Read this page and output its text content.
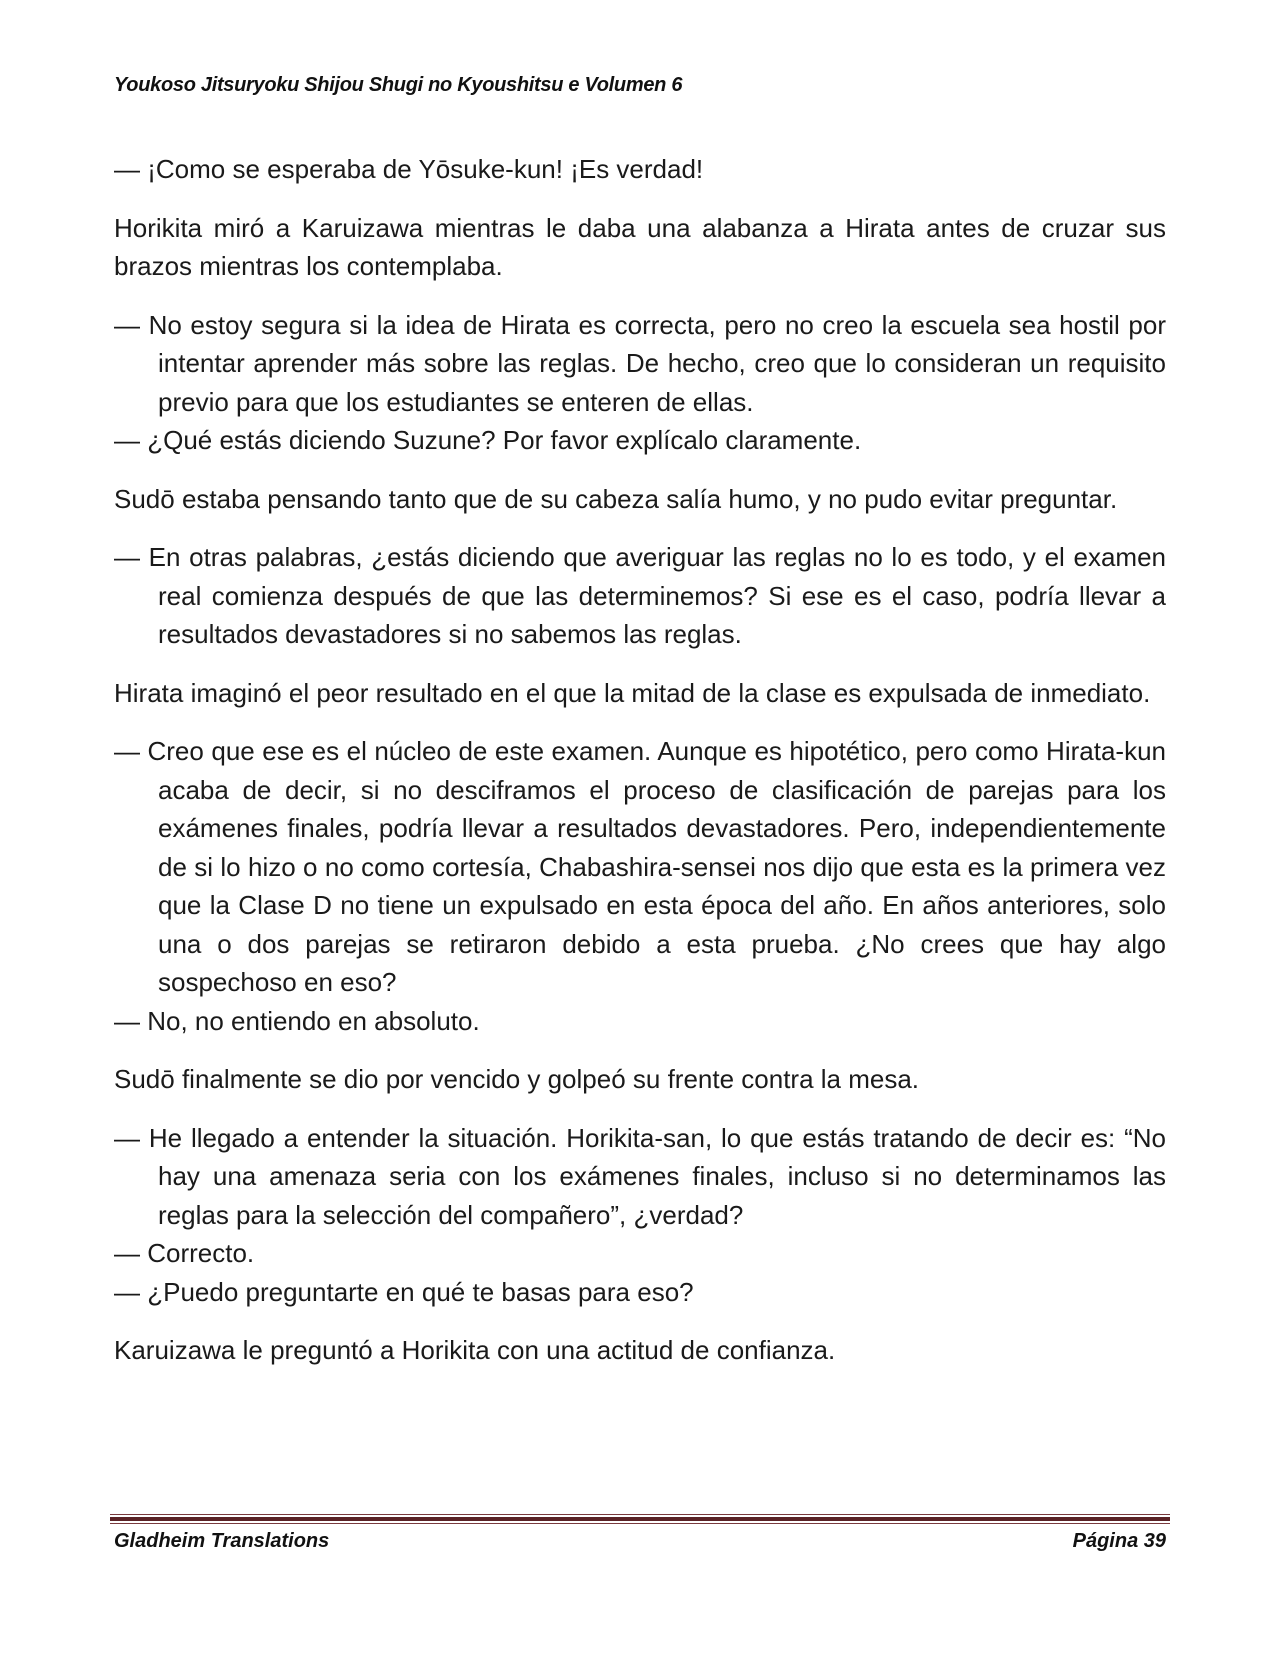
Youkoso Jitsuryoku Shijou Shugi no Kyoushitsu e Volumen 6

— ¡Como se esperaba de Yōsuke-kun! ¡Es verdad!

Horikita miró a Karuizawa mientras le daba una alabanza a Hirata antes de cruzar sus brazos mientras los contemplaba.

— No estoy segura si la idea de Hirata es correcta, pero no creo la escuela sea hostil por intentar aprender más sobre las reglas. De hecho, creo que lo consideran un requisito previo para que los estudiantes se enteren de ellas.

— ¿Qué estás diciendo Suzune? Por favor explícalo claramente.

Sudō estaba pensando tanto que de su cabeza salía humo, y no pudo evitar preguntar.

— En otras palabras, ¿estás diciendo que averiguar las reglas no lo es todo, y el examen real comienza después de que las determinemos? Si ese es el caso, podría llevar a resultados devastadores si no sabemos las reglas.

Hirata imaginó el peor resultado en el que la mitad de la clase es expulsada de inmediato.

— Creo que ese es el núcleo de este examen. Aunque es hipotético, pero como Hirata-kun acaba de decir, si no desciframos el proceso de clasificación de parejas para los exámenes finales, podría llevar a resultados devastadores. Pero, independientemente de si lo hizo o no como cortesía, Chabashira-sensei nos dijo que esta es la primera vez que la Clase D no tiene un expulsado en esta época del año. En años anteriores, solo una o dos parejas se retiraron debido a esta prueba. ¿No crees que hay algo sospechoso en eso?

— No, no entiendo en absoluto.

Sudō finalmente se dio por vencido y golpeó su frente contra la mesa.

— He llegado a entender la situación. Horikita-san, lo que estás tratando de decir es: “No hay una amenaza seria con los exámenes finales, incluso si no determinamos las reglas para la selección del compañero”, ¿verdad?

— Correcto.

— ¿Puedo preguntarte en qué te basas para eso?

Karuizawa le preguntó a Horikita con una actitud de confianza.

Gladheim Translations	Página 39
